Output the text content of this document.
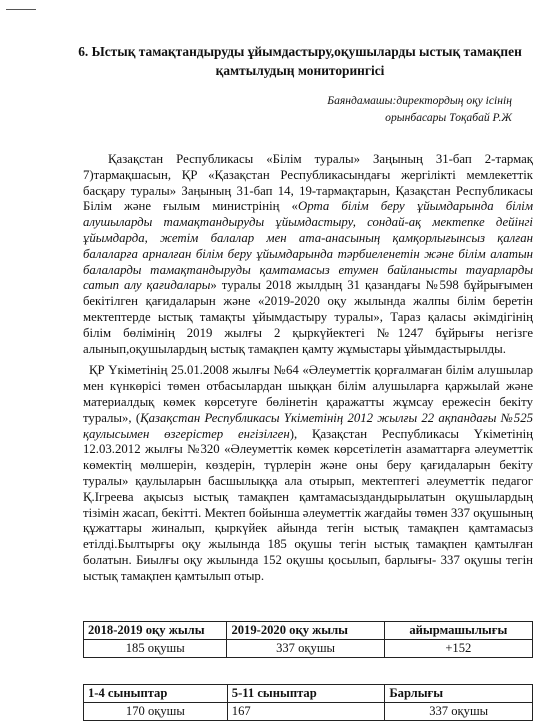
6. Ыстық тамақтандыруды ұйымдастыру,оқушыларды ыстық тамақпен
қамтылудың мониторингісі
Баяндамашы:директордың оқу ісінің
орынбасары Тоқабай Р.Ж

Қазақстан Республикасы «Білім туралы» Заңының 31-бап 2-тармақ 7)тармақшасын, ҚР «Қазақстан Республикасындағы жергілікті мемлекеттік басқару туралы» Заңының 31-бап 14, 19-тармақтарын, Қазақстан Республикасы Білім және ғылым министрінің «Орта білім беру ұйымдарында білім алушыларды тамақтандыруды ұйымдастыру, сондай-ақ мектепке дейінгі ұйымдарда, жетім балалар мен ата-анасының қамқорлығынсыз қалған балаларға арналған білім беру ұйымдарында тәрбиеленетін және білім алатын балаларды тамақтандыруды қамтамасыз етумен байланысты тауарларды сатып алу қағидалары» туралы 2018 жылдың 31 қазандағы №598 бұйрығымен бекітілген қағидаларын және «2019-2020 оқу жылында жалпы білім беретін мектептерде ыстық тамақты ұйымдастыру туралы», Тараз қаласы әкімдігінің білім бөлімінің 2019 жылғы 2 қыркүйектегі №1247 бұйрығы негізге алынып,оқушылардың ыстық тамақпен қамту жұмыстары ұйымдастырылды.

ҚР Үкіметінің 25.01.2008 жылғы №64 «Әлеуметтік қорғалмаған білім алушылар мен күнкөрісі төмен отбасылардан шыққан білім алушыларға қаржылай және материалдық көмек көрсетуге бөлінетін қаражатты жұмсау ережесін бекіту туралы», (Қазақстан Республикасы Үкіметінің 2012 жылғы 22 ақпандағы №525 қаулысымен өзгерістер енгізілген), Қазақстан Республикасы Үкіметінің 12.03.2012 жылғы №320 «Әлеуметтік көмек көрсетілетін азаматтарға әлеуметтік көмектің мөлшерін, көздерін, түрлерін және оны беру қағидаларын бекіту туралы» қаулыларын басшылыққа ала отырып, мектептегі әлеуметтік педагог Қ.Ігреева ақысыз ыстық тамақпен қамтамасыздандырылатын оқушылардың тізімін жасап, бекітті. Мектеп бойынша әлеуметтік жағдайы төмен 337 оқушының құжаттары жиналып, қыркүйек айында тегін ыстық тамақпен қамтамасыз етілді.Былтырғы оқу жылында 185 оқушы тегін ыстық тамақпен қамтылған болатын. Биылғы оқу жылында 152 оқушы қосылып, барлығы- 337 оқушы тегін ыстық тамақпен қамтылып отыр.

2018-2019 оқу жылы	2019-2020 оқу жылы	айырмашылығы
185 оқушы	337 оқушы	+152
1-4 сыныптар	5-11 сыныптар	Барлығы
170 оқушы	167	337 оқушы
